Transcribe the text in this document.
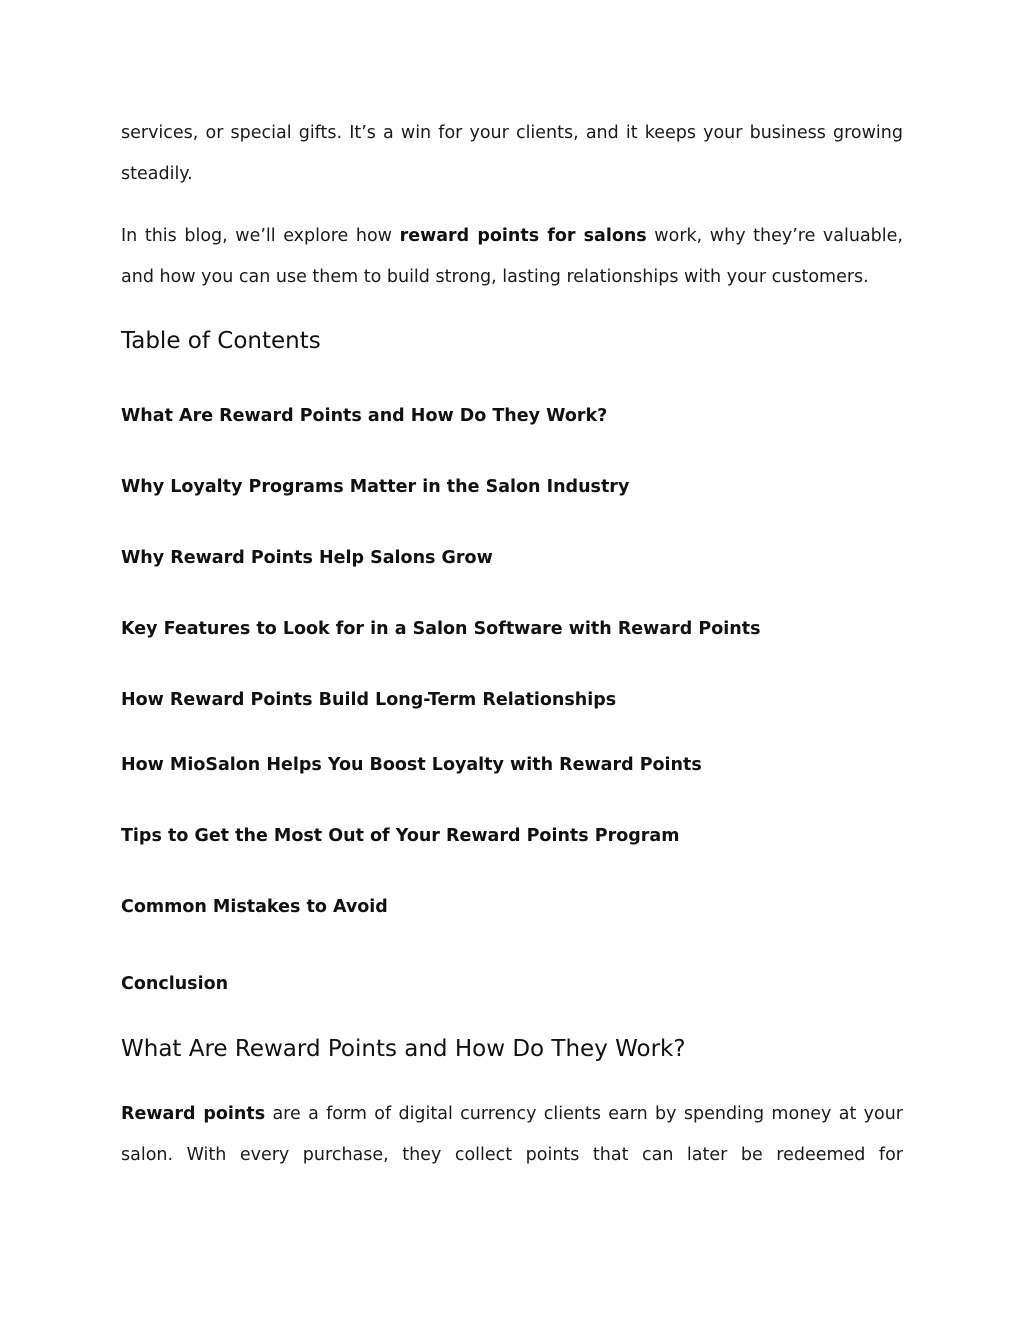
services, or special gifts. It’s a win for your clients, and it keeps your business growing steadily.

In this blog, we’ll explore how reward points for salons work, why they’re valuable, and how you can use them to build strong, lasting relationships with your customers.

Table of Contents
What Are Reward Points and How Do They Work?
Why Loyalty Programs Matter in the Salon Industry
Why Reward Points Help Salons Grow
Key Features to Look for in a Salon Software with Reward Points
How Reward Points Build Long-Term Relationships
How MioSalon Helps You Boost Loyalty with Reward Points
Tips to Get the Most Out of Your Reward Points Program
Common Mistakes to Avoid
Conclusion
What Are Reward Points and How Do They Work?

Reward points are a form of digital currency clients earn by spending money at your salon. With every purchase, they collect points that can later be redeemed for
